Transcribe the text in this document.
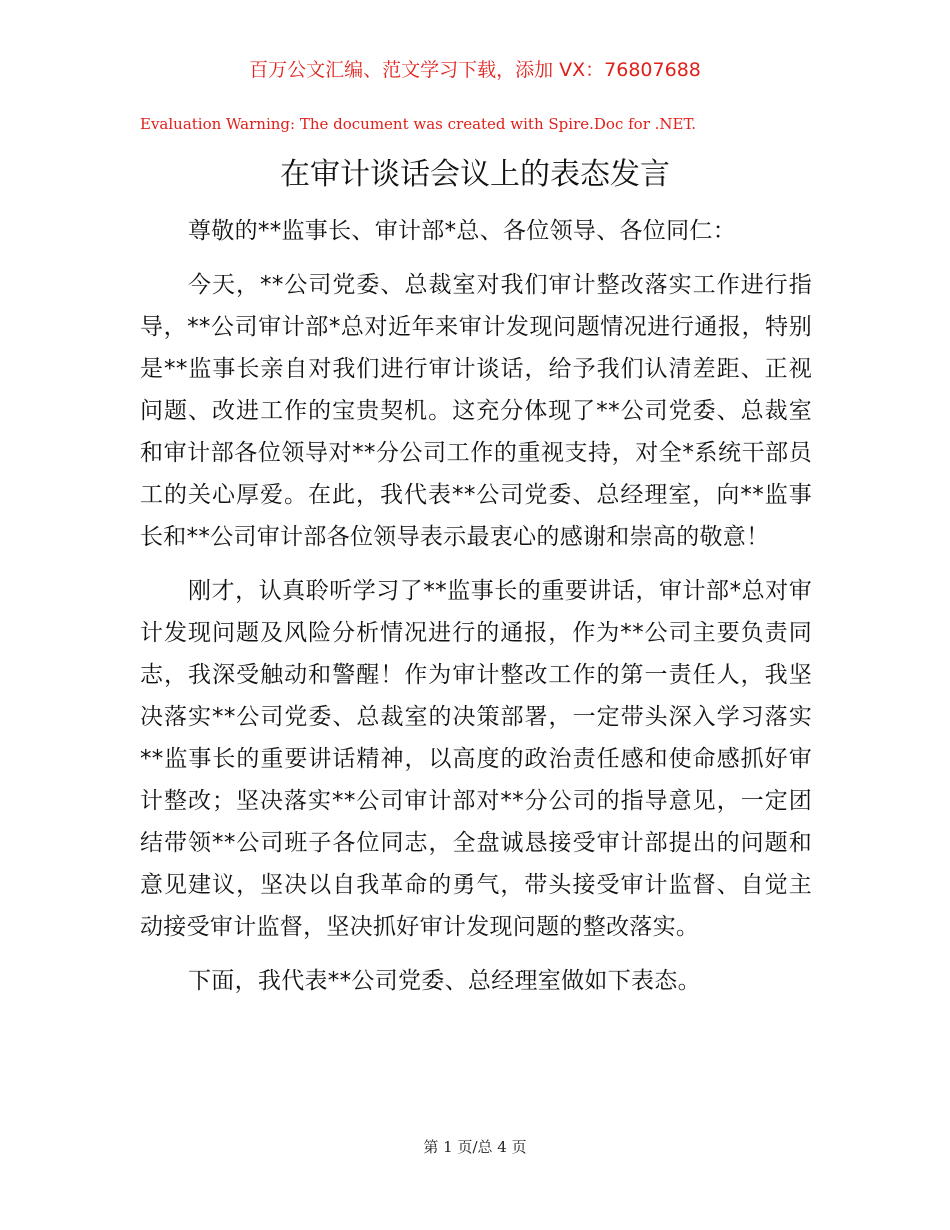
百万公文汇编、范文学习下载，添加 VX：76807688
Evaluation Warning: The document was created with Spire.Doc for .NET.
在审计谈话会议上的表态发言

尊敬的**监事长、审计部*总、各位领导、各位同仁：

今天，**公司党委、总裁室对我们审计整改落实工作进行指导，**公司审计部*总对近年来审计发现问题情况进行通报，特别是**监事长亲自对我们进行审计谈话，给予我们认清差距、正视问题、改进工作的宝贵契机。这充分体现了**公司党委、总裁室和审计部各位领导对**分公司工作的重视支持，对全*系统干部员工的关心厚爱。在此，我代表**公司党委、总经理室，向**监事长和**公司审计部各位领导表示最衷心的感谢和崇高的敬意！

刚才，认真聆听学习了**监事长的重要讲话，审计部*总对审计发现问题及风险分析情况进行的通报，作为**公司主要负责同志，我深受触动和警醒！作为审计整改工作的第一责任人，我坚决落实**公司党委、总裁室的决策部署，一定带头深入学习落实**监事长的重要讲话精神，以高度的政治责任感和使命感抓好审计整改；坚决落实**公司审计部对**分公司的指导意见，一定团结带领**公司班子各位同志，全盘诚恳接受审计部提出的问题和意见建议，坚决以自我革命的勇气，带头接受审计监督、自觉主动接受审计监督，坚决抓好审计发现问题的整改落实。

下面，我代表**公司党委、总经理室做如下表态。

第 1 页/总 4 页
